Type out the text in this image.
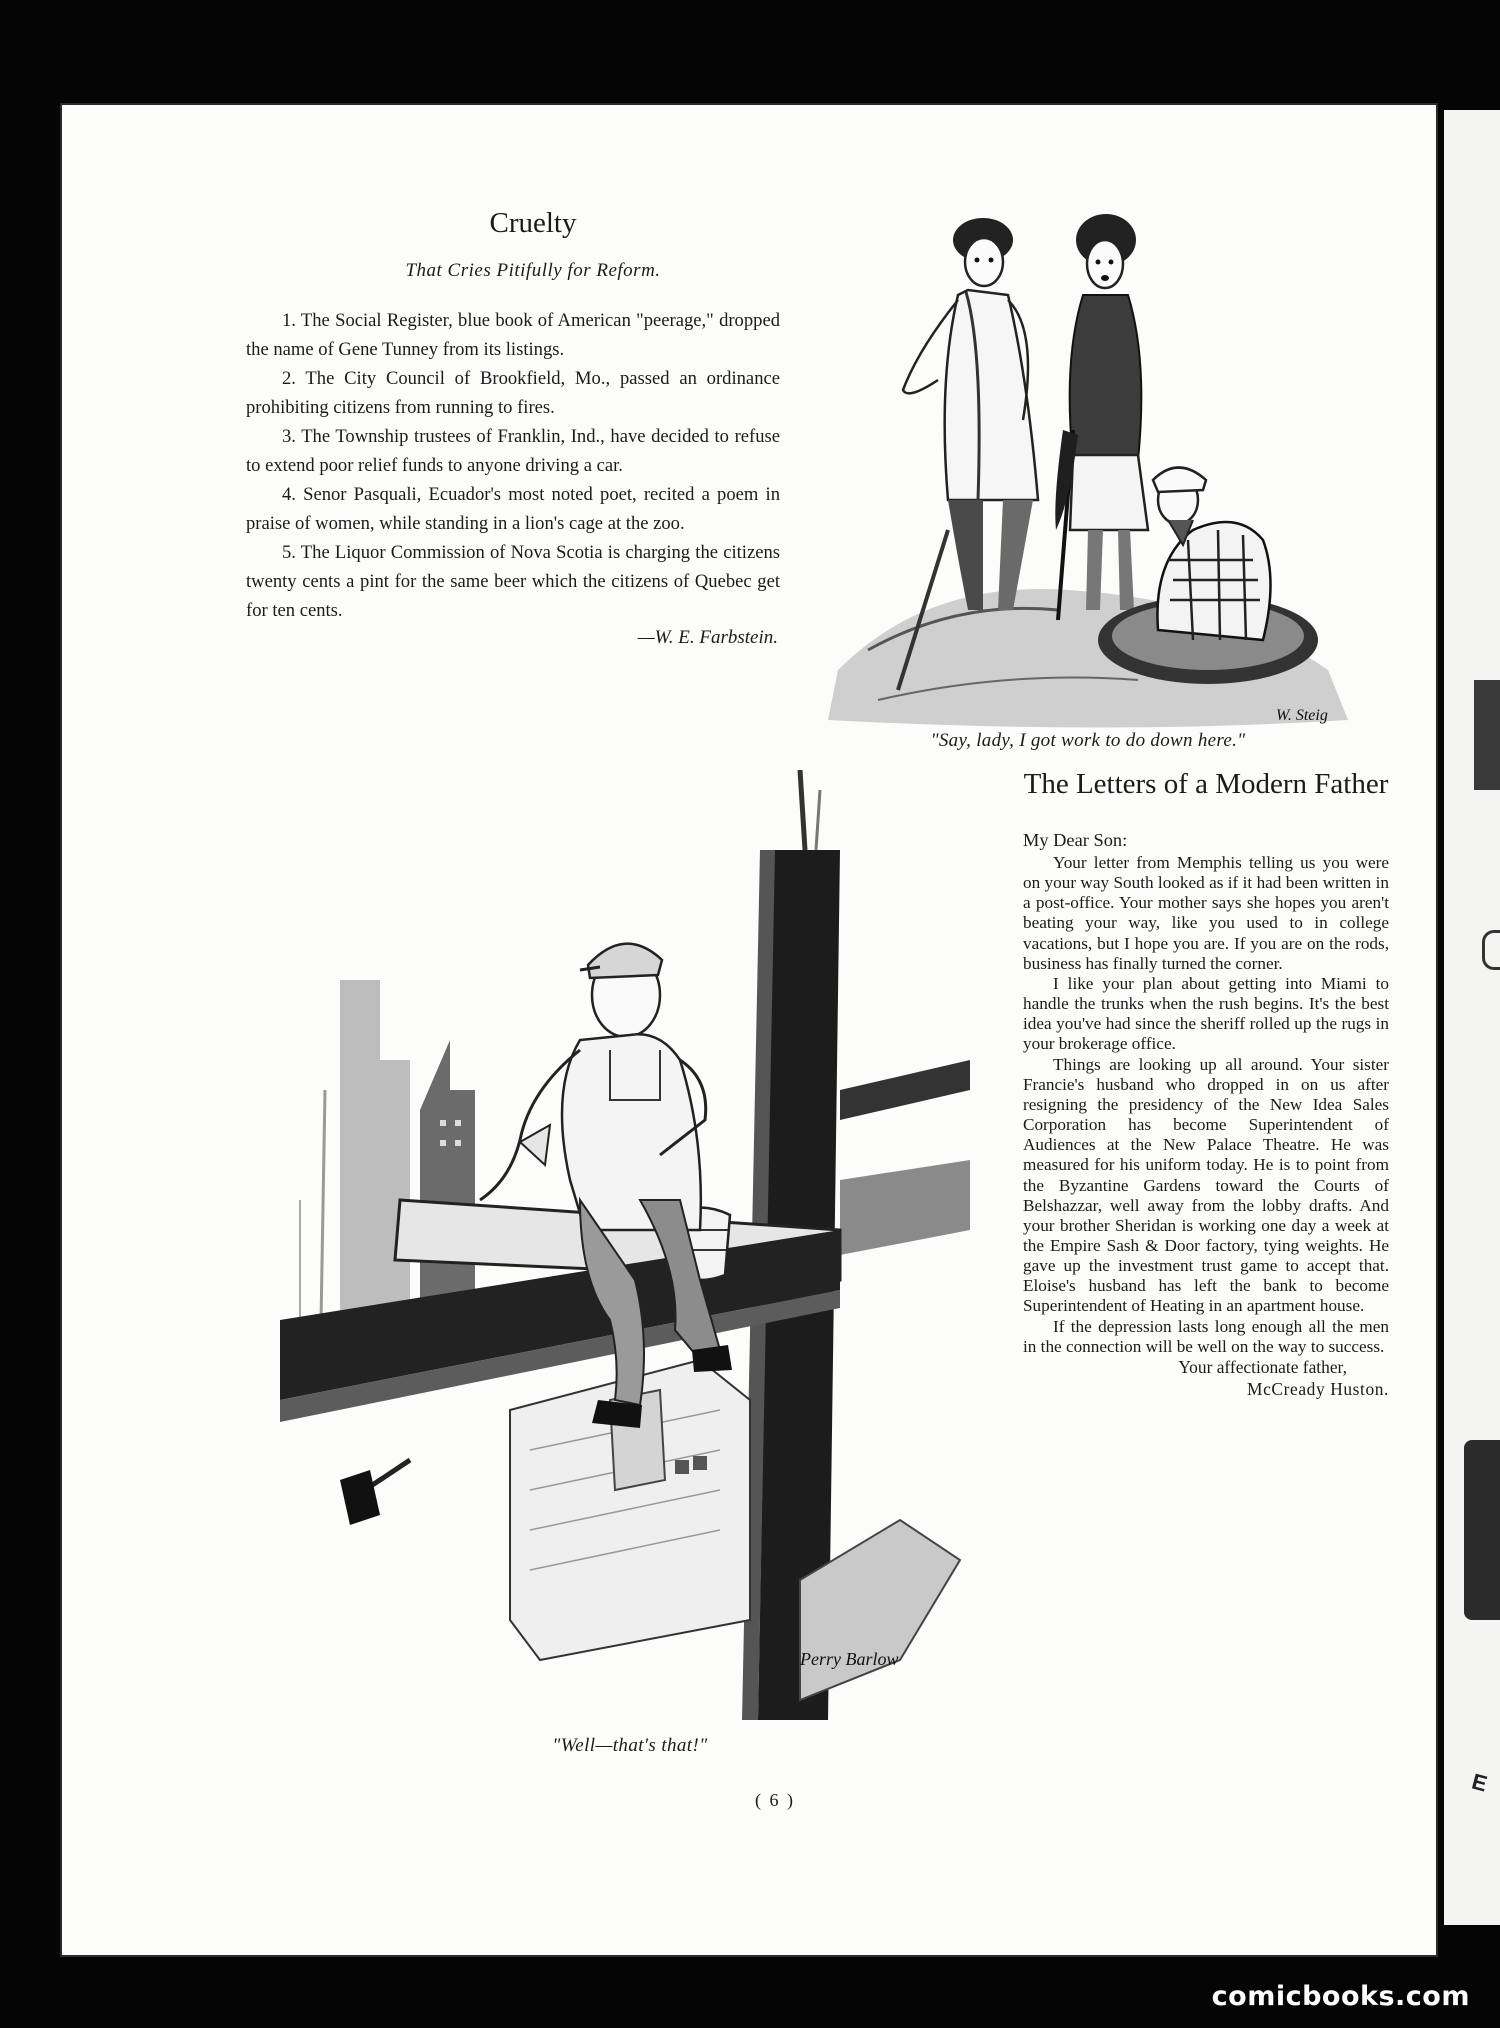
E
Cruelty
That Cries Pitifully for Reform.

1. The Social Register, blue book of American "peerage," dropped the name of Gene Tunney from its listings.

2. The City Council of Brookfield, Mo., passed an ordinance prohibiting citizens from running to fires.

3. The Township trustees of Franklin, Ind., have decided to refuse to extend poor relief funds to anyone driving a car.

4. Senor Pasquali, Ecuador's most noted poet, recited a poem in praise of women, while standing in a lion's cage at the zoo.

5. The Liquor Commission of Nova Scotia is charging the citizens twenty cents a pint for the same beer which the citizens of Quebec get for ten cents.

—W. E. Farbstein.
W. Steig
"Say, lady, I got work to do down here."
Perry Barlow
"Well—that's that!"
The Letters of a Modern Father
My Dear Son:

Your letter from Memphis telling us you were on your way South looked as if it had been written in a post-office. Your mother says she hopes you aren't beating your way, like you used to in college vacations, but I hope you are. If you are on the rods, business has finally turned the corner.

I like your plan about getting into Miami to handle the trunks when the rush begins. It's the best idea you've had since the sheriff rolled up the rugs in your brokerage office.

Things are looking up all around. Your sister Francie's husband who dropped in on us after resigning the presidency of the New Idea Sales Corporation has become Superintendent of Audiences at the New Palace Theatre. He was measured for his uniform today. He is to point from the Byzantine Gardens toward the Courts of Belshazzar, well away from the lobby drafts. And your brother Sheridan is working one day a week at the Empire Sash & Door factory, tying weights. He gave up the investment trust game to accept that. Eloise's husband has left the bank to become Superintendent of Heating in an apartment house.

If the depression lasts long enough all the men in the connection will be well on the way to success.

Your affectionate father,
McCready Huston.
( 6 )
comicbooks.com
